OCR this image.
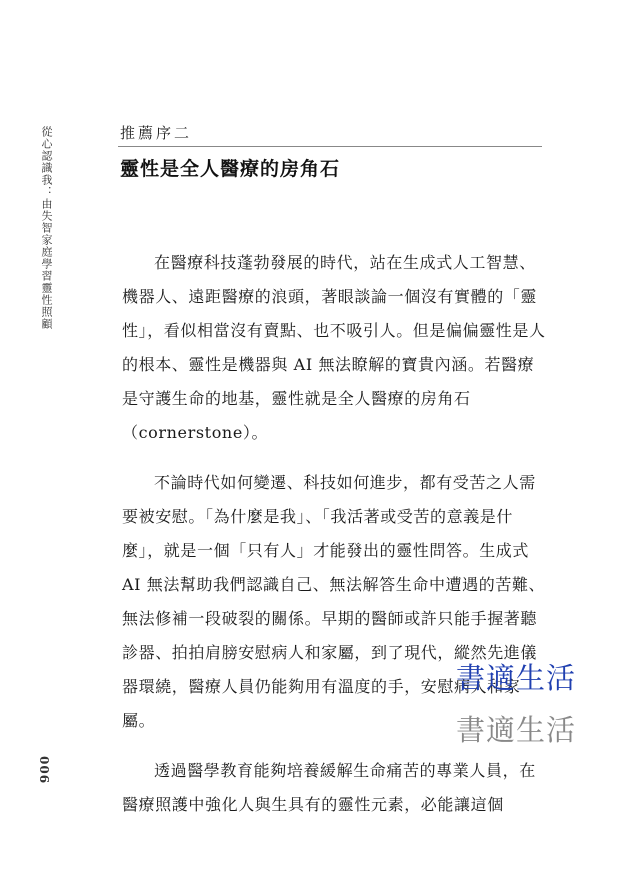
從心認識我：由失智家庭學習靈性照顧
006
推薦序二
靈性是全人醫療的房角石

在醫療科技蓬勃發展的時代，站在生成式人工智慧、機器人、遠距醫療的浪頭，著眼談論一個沒有實體的「靈性」，看似相當沒有賣點、也不吸引人。但是偏偏靈性是人的根本、靈性是機器與 AI 無法瞭解的寶貴內涵。若醫療是守護生命的地基，靈性就是全人醫療的房角石（cornerstone）。

不論時代如何變遷、科技如何進步，都有受苦之人需要被安慰。「為什麼是我」、「我活著或受苦的意義是什麼」，就是一個「只有人」才能發出的靈性問答。生成式 AI 無法幫助我們認識自己、無法解答生命中遭遇的苦難、無法修補一段破裂的關係。早期的醫師或許只能手握著聽診器、拍拍肩膀安慰病人和家屬，到了現代，縱然先進儀器環繞，醫療人員仍能夠用有溫度的手，安慰病人和家屬。

透過醫學教育能夠培養緩解生命痛苦的專業人員，在醫療照護中強化人與生具有的靈性元素，必能讓這個

書適生活
書適生活
